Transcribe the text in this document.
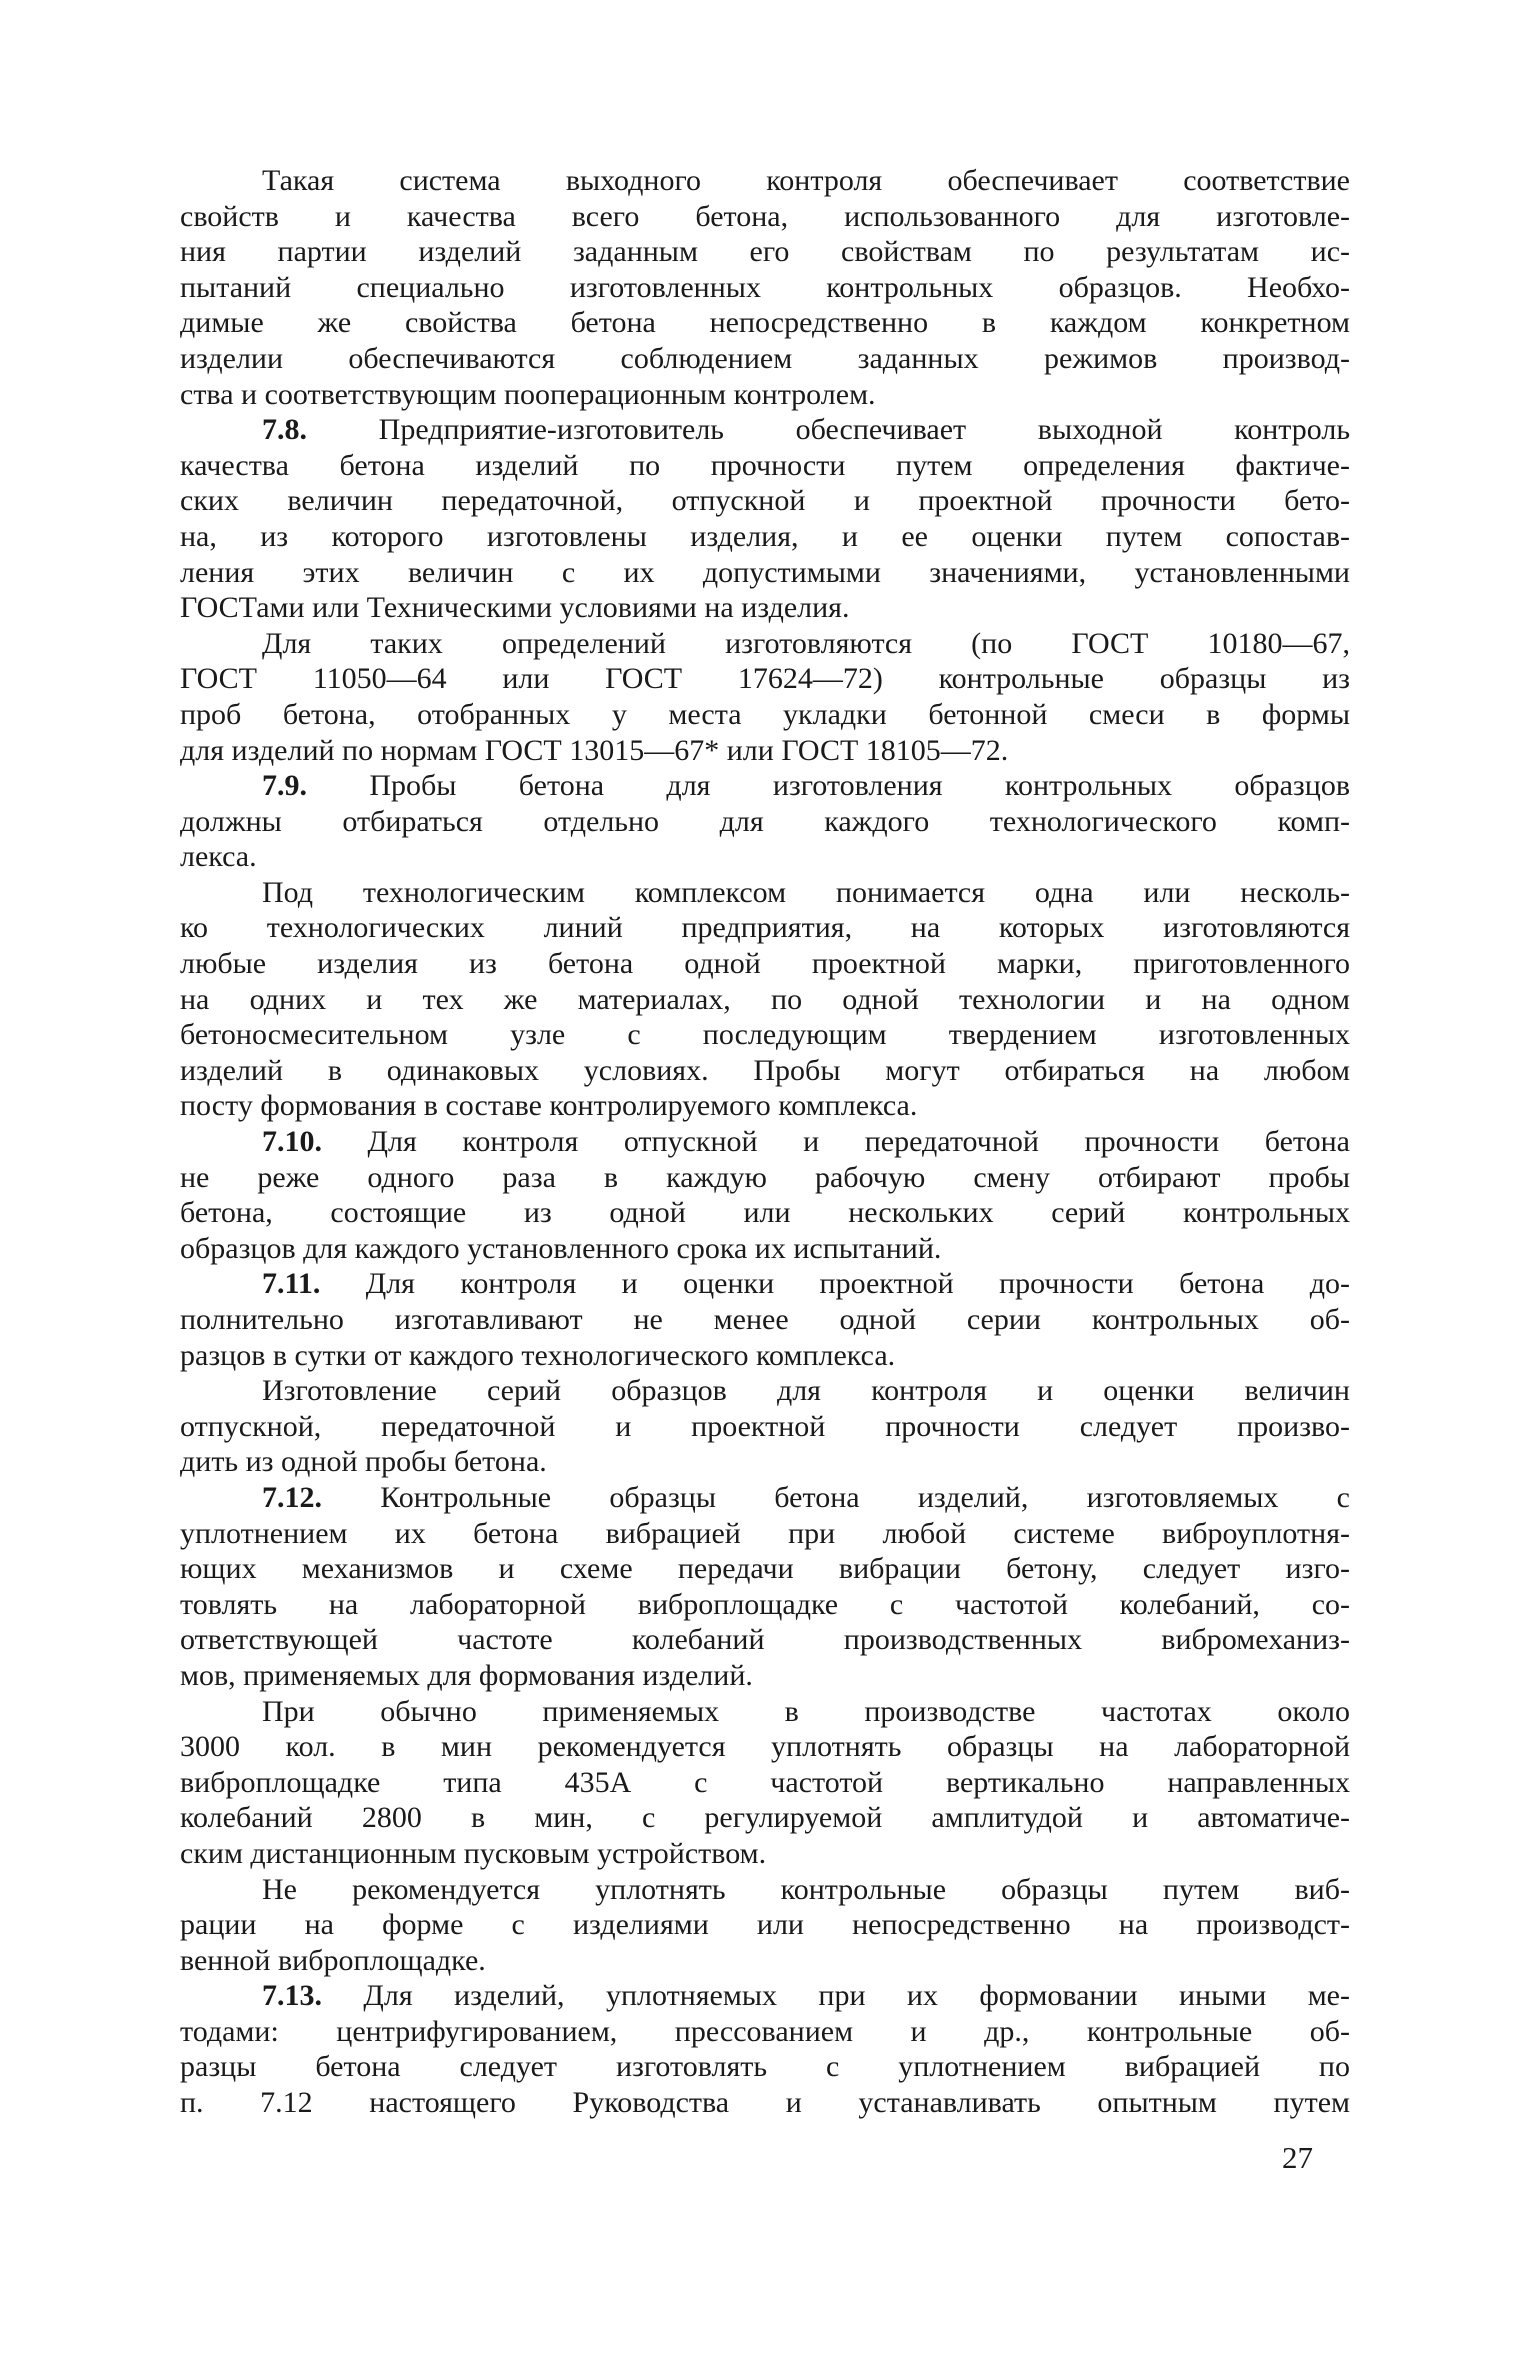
Такая система выходного контроля обеспечивает соответствие
свойств и качества всего бетона, использованного для изготовле-
ния партии изделий заданным его свойствам по результатам ис-
пытаний специально изготовленных контрольных образцов. Необхо-
димые же свойства бетона непосредственно в каждом конкретном
изделии обеспечиваются соблюдением заданных режимов производ-
ства и соответствующим пооперационным контролем.
7.8. Предприятие-изготовитель обеспечивает выходной контроль
качества бетона изделий по прочности путем определения фактиче-
ских величин передаточной, отпускной и проектной прочности бето-
на, из которого изготовлены изделия, и ее оценки путем сопостав-
ления этих величин с их допустимыми значениями, установленными
ГОСТами или Техническими условиями на изделия.
Для таких определений изготовляются (по ГОСТ 10180—67,
ГОСТ 11050—64 или ГОСТ 17624—72) контрольные образцы из
проб бетона, отобранных у места укладки бетонной смеси в формы
для изделий по нормам ГОСТ 13015—67* или ГОСТ 18105—72.
7.9. Пробы бетона для изготовления контрольных образцов
должны отбираться отдельно для каждого технологического комп-
лекса.
Под технологическим комплексом понимается одна или несколь-
ко технологических линий предприятия, на которых изготовляются
любые изделия из бетона одной проектной марки, приготовленного
на одних и тех же материалах, по одной технологии и на одном
бетоносмесительном узле с последующим твердением изготовленных
изделий в одинаковых условиях. Пробы могут отбираться на любом
посту формования в составе контролируемого комплекса.
7.10. Для контроля отпускной и передаточной прочности бетона
не реже одного раза в каждую рабочую смену отбирают пробы
бетона, состоящие из одной или нескольких серий контрольных
образцов для каждого установленного срока их испытаний.
7.11. Для контроля и оценки проектной прочности бетона до-
полнительно изготавливают не менее одной серии контрольных об-
разцов в сутки от каждого технологического комплекса.
Изготовление серий образцов для контроля и оценки величин
отпускной, передаточной и проектной прочности следует произво-
дить из одной пробы бетона.
7.12. Контрольные образцы бетона изделий, изготовляемых с
уплотнением их бетона вибрацией при любой системе виброуплотня-
ющих механизмов и схеме передачи вибрации бетону, следует изго-
товлять на лабораторной виброплощадке с частотой колебаний, со-
ответствующей частоте колебаний производственных вибромеханиз-
мов, применяемых для формования изделий.
При обычно применяемых в производстве частотах около
3000 кол. в мин рекомендуется уплотнять образцы на лабораторной
виброплощадке типа 435А с частотой вертикально направленных
колебаний 2800 в мин, с регулируемой амплитудой и автоматиче-
ским дистанционным пусковым устройством.
Не рекомендуется уплотнять контрольные образцы путем виб-
рации на форме с изделиями или непосредственно на производст-
венной виброплощадке.
7.13. Для изделий, уплотняемых при их формовании иными ме-
тодами: центрифугированием, прессованием и др., контрольные об-
разцы бетона следует изготовлять с уплотнением вибрацией по
п. 7.12 настоящего Руководства и устанавливать опытным путем
27
